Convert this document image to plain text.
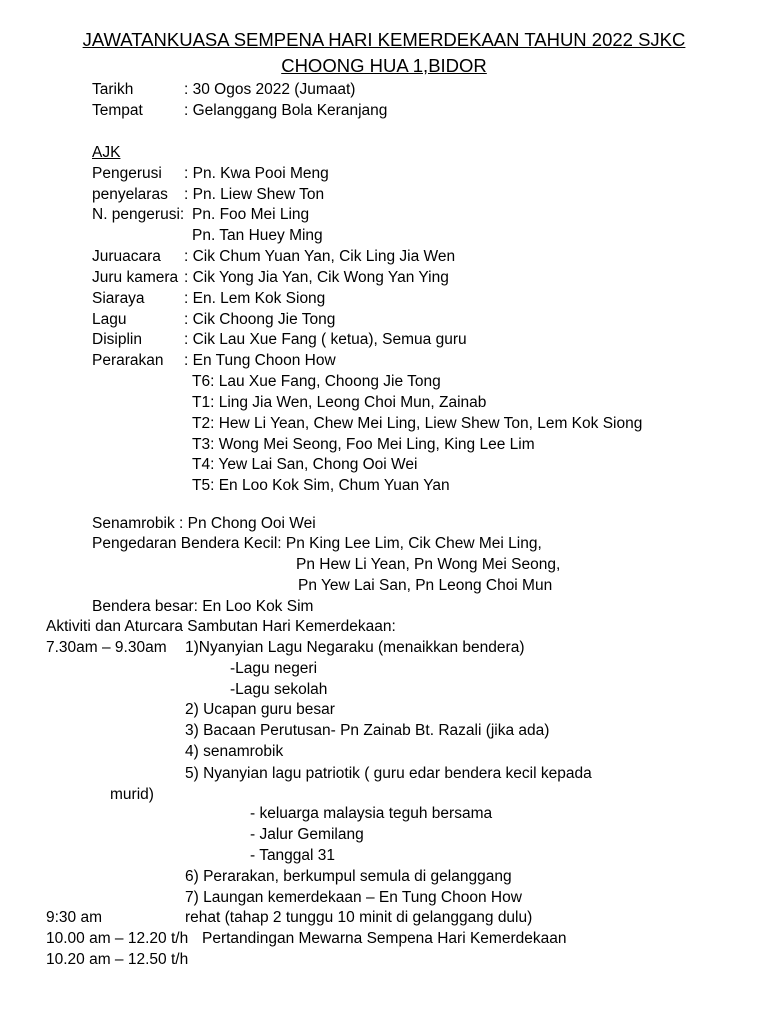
JAWATANKUASA SEMPENA HARI KEMERDEKAAN TAHUN 2022 SJKC
CHOONG HUA 1,BIDOR
Tarikh	: 30 Ogos 2022 (Jumaat)
Tempat	: Gelanggang Bola Keranjang
AJK
Pengerusi : Pn. Kwa Pooi Meng
penyelaras : Pn. Liew Shew Ton
N. pengerusi: Pn. Foo Mei Ling
Pn. Tan Huey Ming
Juruacara : Cik Chum Yuan Yan, Cik Ling Jia Wen
Juru kamera : Cik Yong Jia Yan, Cik Wong Yan Ying
Siaraya	: En. Lem Kok Siong
Lagu	: Cik Choong Jie Tong
Disiplin	: Cik Lau Xue Fang ( ketua), Semua guru
Perarakan : En Tung Choon How
T6: Lau Xue Fang, Choong Jie Tong
T1: Ling Jia Wen, Leong Choi Mun, Zainab
T2: Hew Li Yean, Chew Mei Ling, Liew Shew Ton, Lem Kok Siong
T3: Wong Mei Seong, Foo Mei Ling, King Lee Lim
T4: Yew Lai San, Chong Ooi Wei
T5: En Loo Kok Sim, Chum Yuan Yan
Senamrobik : Pn Chong Ooi Wei
Pengedaran Bendera Kecil: Pn King Lee Lim, Cik Chew Mei Ling,
Pn Hew Li Yean, Pn Wong Mei Seong,
Pn Yew Lai San, Pn Leong Choi Mun
Bendera besar: En Loo Kok Sim
Aktiviti dan Aturcara Sambutan Hari Kemerdekaan:
7.30am – 9.30am 1)Nyanyian Lagu Negaraku (menaikkan bendera)
-Lagu negeri
-Lagu sekolah
2) Ucapan guru besar
3) Bacaan Perutusan- Pn Zainab Bt. Razali (jika ada)
4) senamrobik
5) Nyanyian lagu patriotik ( guru edar bendera kecil kepada
murid)
- keluarga malaysia teguh bersama
- Jalur Gemilang
- Tanggal 31
6) Perarakan, berkumpul semula di gelanggang
7) Laungan kemerdekaan – En Tung Choon How
9:30 am	rehat (tahap 2 tunggu 10 minit di gelanggang dulu)
10.00 am – 12.20 t/h Pertandingan Mewarna Sempena Hari Kemerdekaan
10.20 am – 12.50 t/h
